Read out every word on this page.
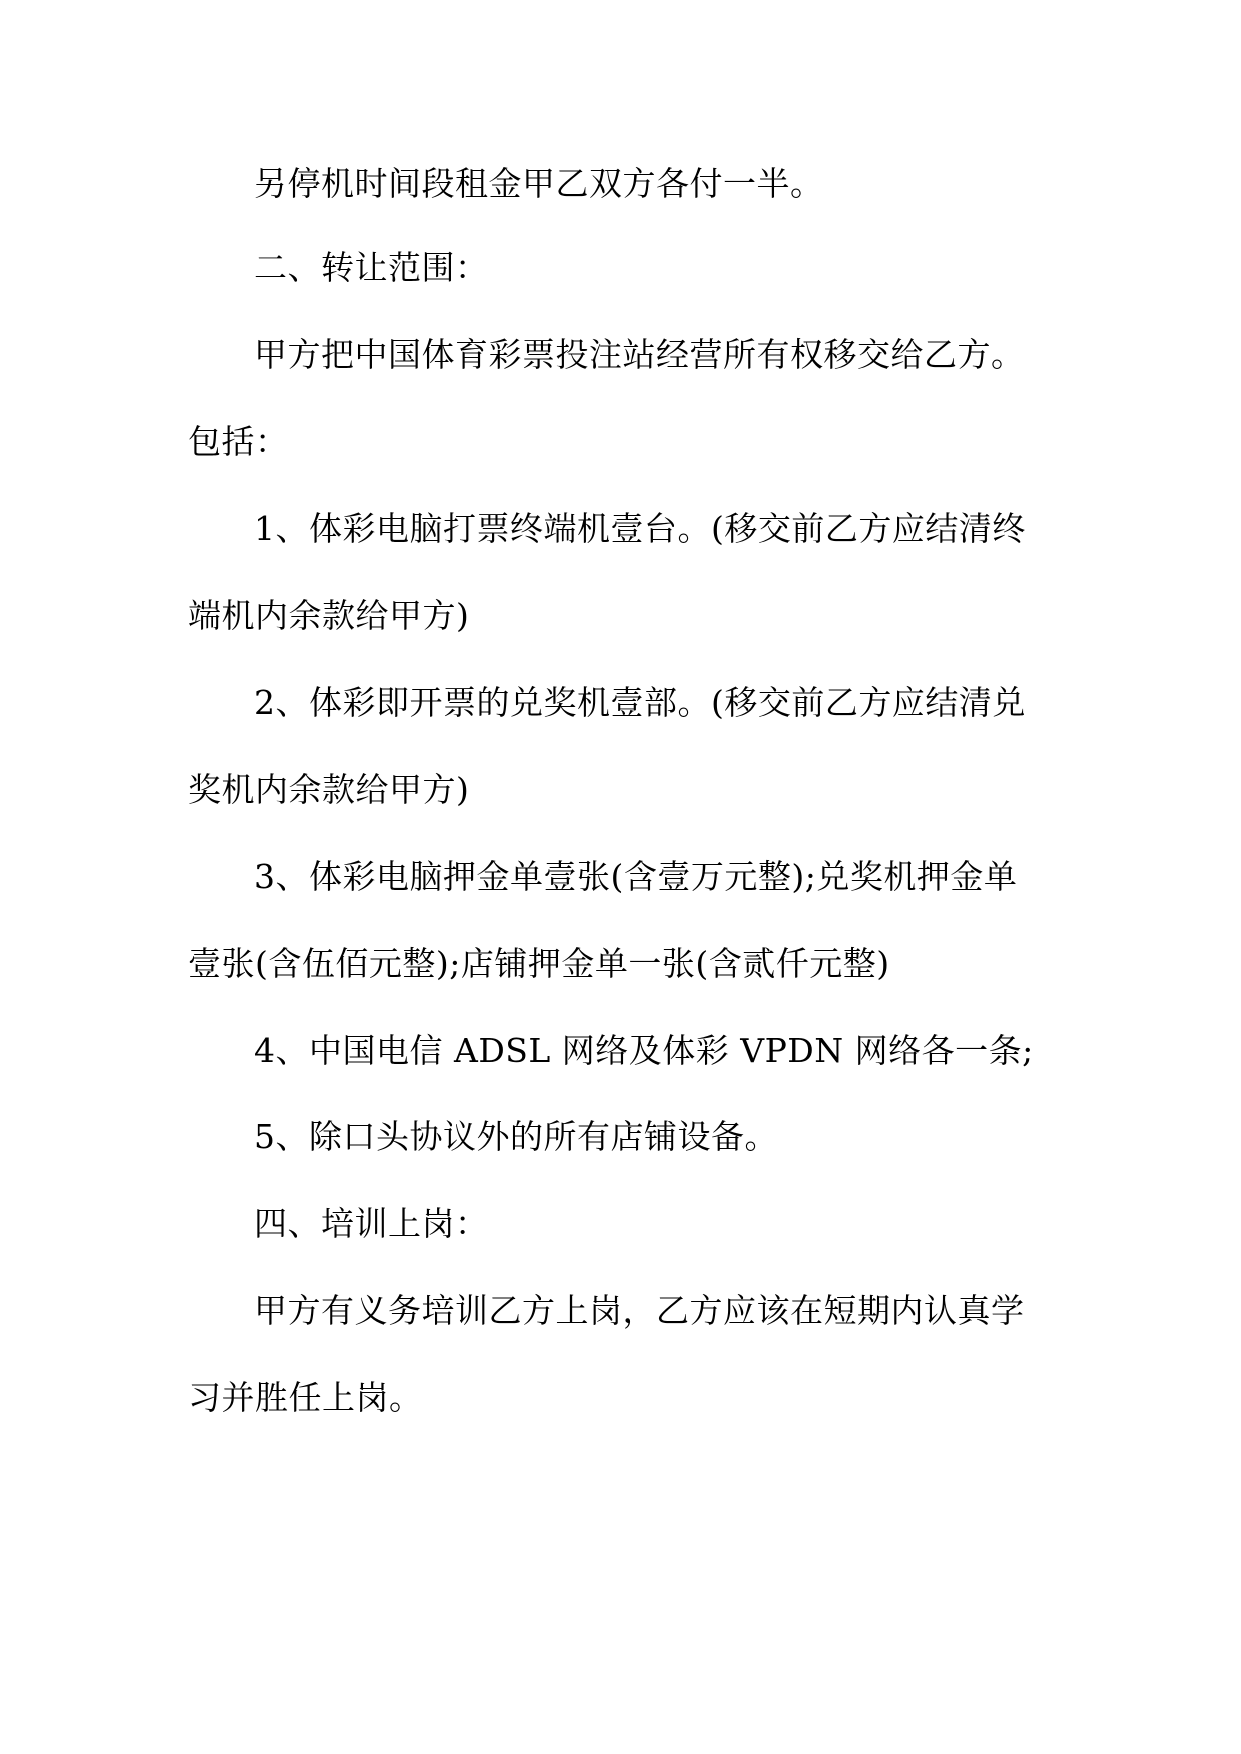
另停机时间段租金甲乙双方各付一半。

二、转让范围：

甲方把中国体育彩票投注站经营所有权移交给乙方。

包括：

1、体彩电脑打票终端机壹台。(移交前乙方应结清终

端机内余款给甲方)

2、体彩即开票的兑奖机壹部。(移交前乙方应结清兑

奖机内余款给甲方)

3、体彩电脑押金单壹张(含壹万元整);兑奖机押金单

壹张(含伍佰元整);店铺押金单一张(含贰仟元整)

4、中国电信 ADSL 网络及体彩 VPDN 网络各一条;

5、除口头协议外的所有店铺设备。

四、培训上岗：

甲方有义务培训乙方上岗，乙方应该在短期内认真学

习并胜任上岗。
